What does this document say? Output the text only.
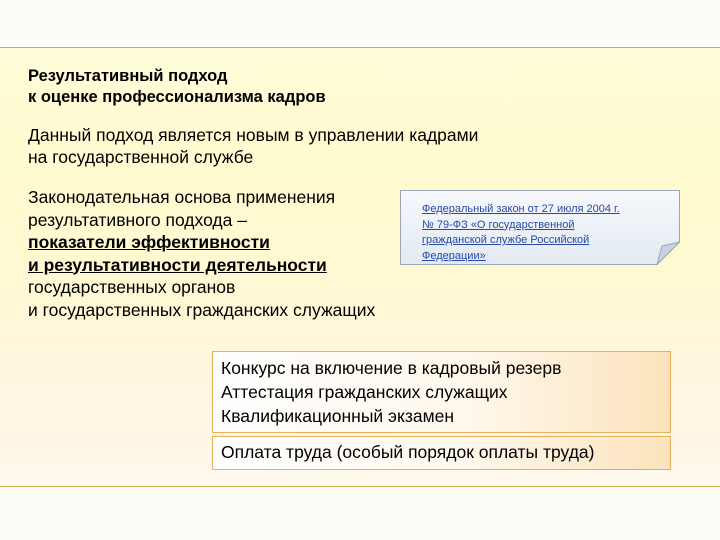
Результативный подход
к оценке профессионализма кадров
Данный подход является новым в управлении кадрами
на государственной службе
Законодательная основа применения
результативного подхода –
показатели эффективности
и результативности деятельности
государственных органов
и государственных гражданских служащих
Федеральный закон от 27 июля 2004 г.
№ 79-ФЗ «О государственной
гражданской службе Российской
Федерации»
Конкурс на включение в кадровый резерв
Аттестация гражданских служащих
Квалификационный экзамен
Оплата труда (особый порядок оплаты труда)
